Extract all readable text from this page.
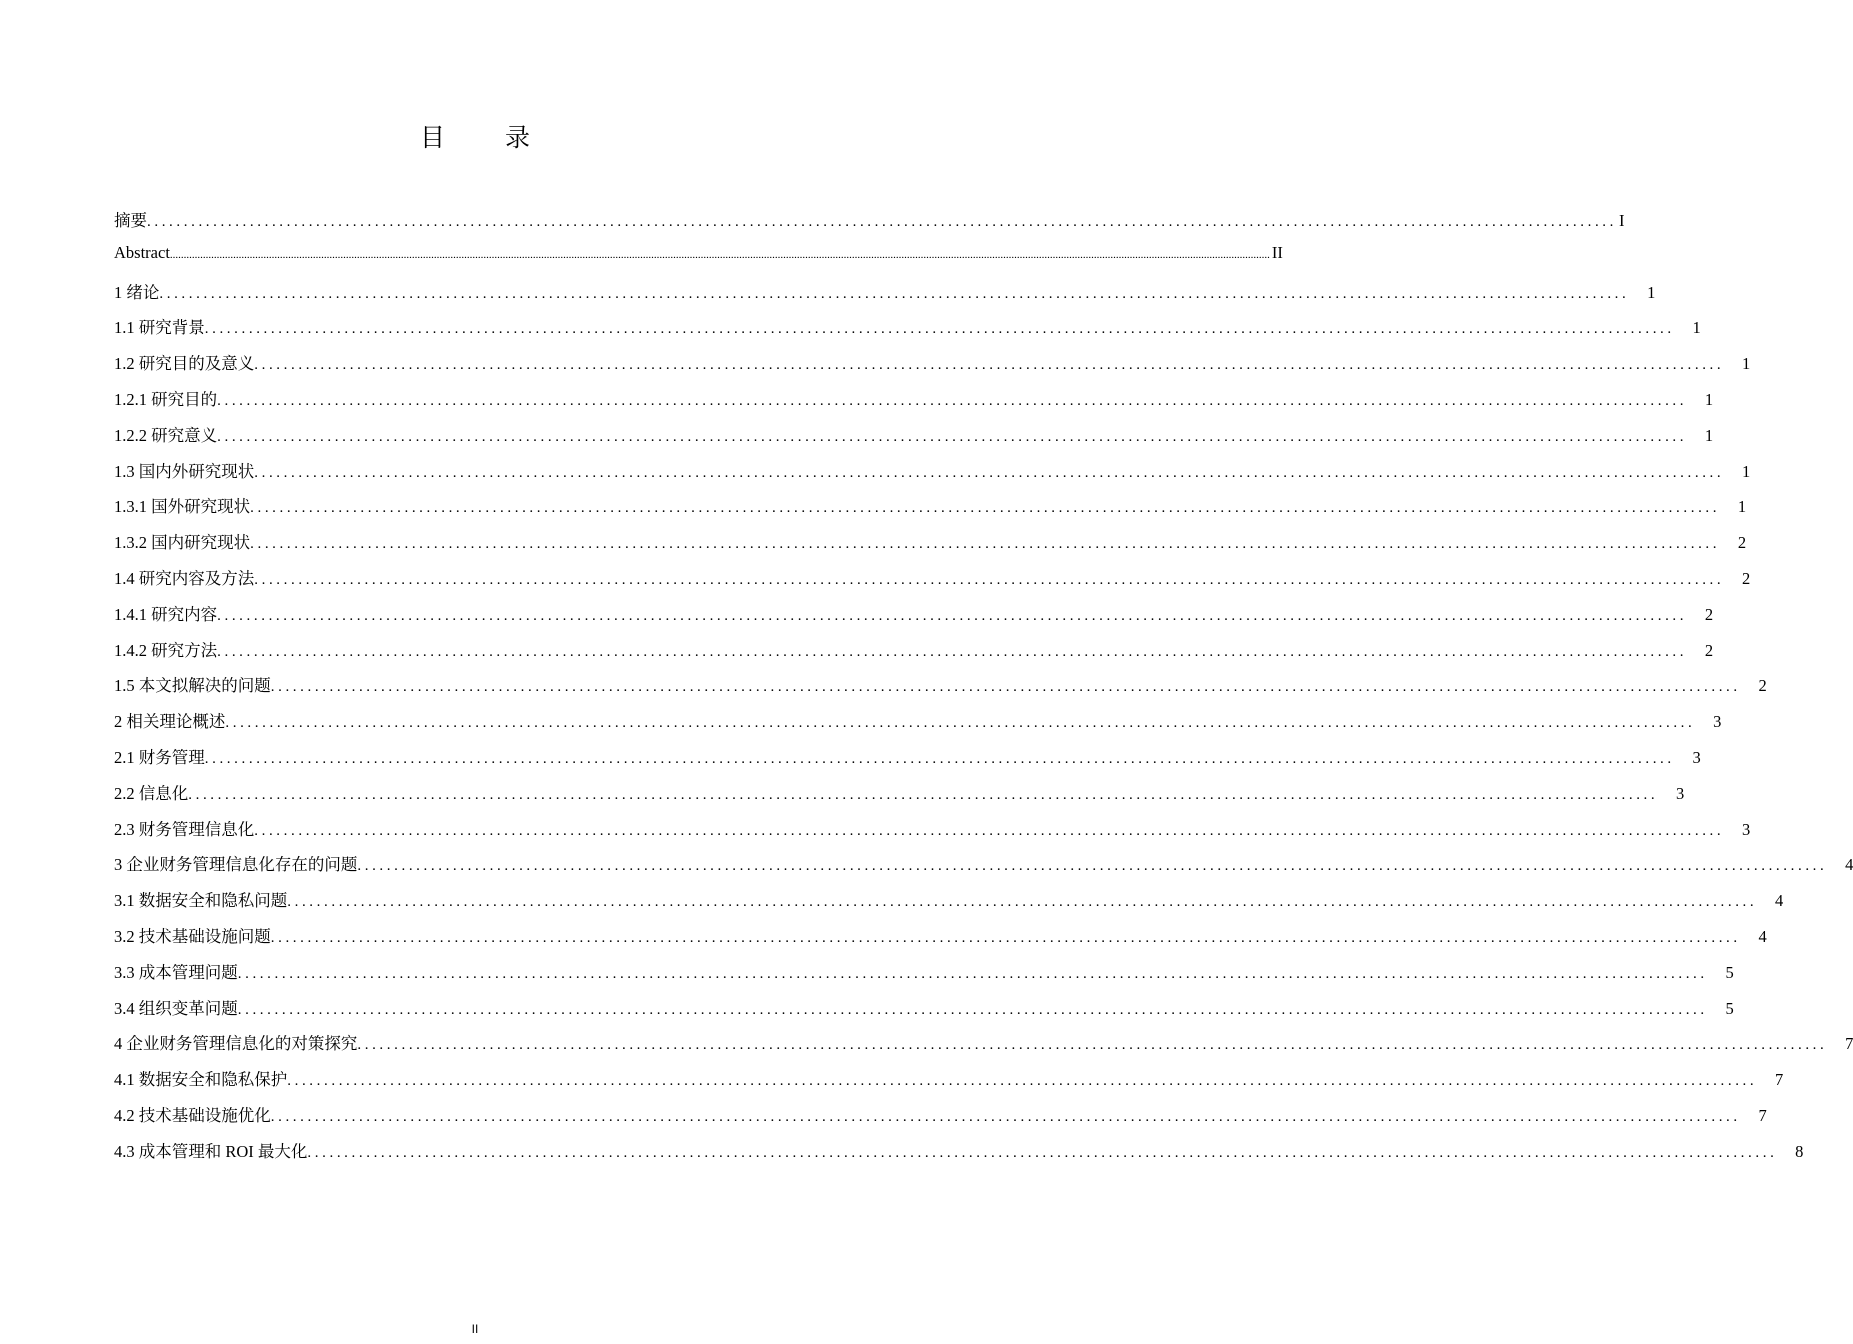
目 录
摘要 ........................................................................................................................................................................................................ I
Abstract ................................................................................................................................................................................................................................................................................................................................................................................................................ II
1 绪论 ........................................................................................................................................................................................................	1
1.1 研究背景 ........................................................................................................................................................................................................	1
1.2 研究目的及意义 ........................................................................................................................................................................................................	1
1.2.1 研究目的 ........................................................................................................................................................................................................	1
1.2.2 研究意义 ........................................................................................................................................................................................................	1
1.3 国内外研究现状 ........................................................................................................................................................................................................	1
1.3.1 国外研究现状 ........................................................................................................................................................................................................	1
1.3.2 国内研究现状 ........................................................................................................................................................................................................	2
1.4 研究内容及方法 ........................................................................................................................................................................................................	2
1.4.1 研究内容 ........................................................................................................................................................................................................	2
1.4.2 研究方法 ........................................................................................................................................................................................................	2
1.5 本文拟解决的问题 ........................................................................................................................................................................................................	2
2 相关理论概述 ........................................................................................................................................................................................................	3
2.1 财务管理 ........................................................................................................................................................................................................	3
2.2 信息化 ........................................................................................................................................................................................................	3
2.3 财务管理信息化 ........................................................................................................................................................................................................	3
3 企业财务管理信息化存在的问题 ........................................................................................................................................................................................................	4
3.1 数据安全和隐私问题 ........................................................................................................................................................................................................	4
3.2 技术基础设施问题 ........................................................................................................................................................................................................	4
3.3 成本管理问题 ........................................................................................................................................................................................................	5
3.4 组织变革问题 ........................................................................................................................................................................................................	5
4 企业财务管理信息化的对策探究 ........................................................................................................................................................................................................	7
4.1 数据安全和隐私保护 ........................................................................................................................................................................................................	7
4.2 技术基础设施优化 ........................................................................................................................................................................................................	7
4.3 成本管理和 ROI 最大化 ........................................................................................................................................................................................................	8
II
